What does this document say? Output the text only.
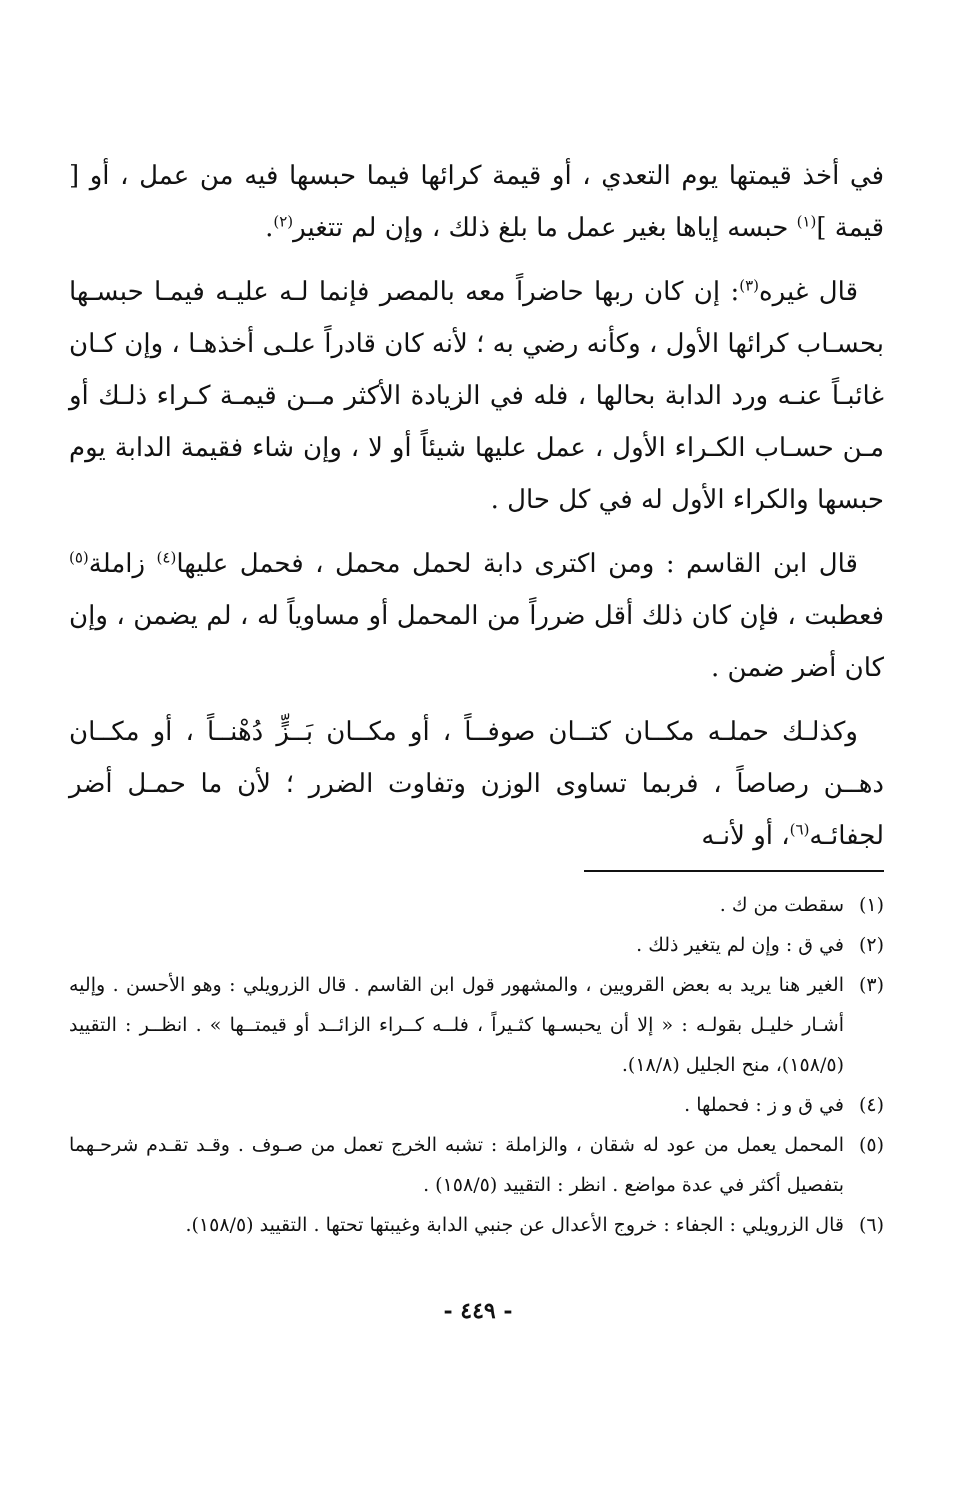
في أخذ قيمتها يوم التعدي ، أو قيمة كرائها فيما حبسها فيه من عمل ، أو [ قيمة ]$^{(١)}$ حبسه إياها بغير عمل ما بلغ ذلك ، وإن لم تتغير$^{(٢)}$.

قال غيره$^{(٣)}$: إن كان ربها حاضراً معه بالمصر فإنما لـه عليـه فيمـا حبسـها بحسـاب كرائها الأول ، وكأنه رضي به ؛ لأنه كان قادراً علـى أخذهـا ، وإن كـان غائبـاً عنـه ورد الدابة بحالها ، فله في الزيادة الأكثر مــن قيمـة كـراء ذلـك أو مـن حسـاب الكـراء الأول ، عمل عليها شيئاً أو لا ، وإن شاء فقيمة الدابة يوم حبسها والكراء الأول له في كل حال .

قال ابن القاسم : ومن اكترى دابة لحمل محمل ، فحمل عليها$^{(٤)}$ زاملة$^{(٥)}$ فعطبت ، فإن كان ذلك أقل ضرراً من المحمل أو مساوياً له ، لم يضمن ، وإن كان أضر ضمن .

وكذلـك حملـه مكــان كتــان صوفــاً ، أو مكــان بَــزٍّ دُهْنــاً ، أو مكــان دهــن رصاصاً ، فربما تساوى الوزن وتفاوت الضرر ؛ لأن ما حمـل أضر لجفائـه$^{(٦)}$، أو لأنـه

(١)
سقطت من ك .
(٢)
في ق : وإن لم يتغير ذلك .
(٣)
الغير هنا يريد به بعض القرويين ، والمشهور قول ابن القاسم . قال الزرويلي : وهو الأحسن . وإليه أشـار خليـل بقولـه : « إلا أن يحبسـها كثـيراً ، فلــه كــراء الزائــد أو قيمتــها » . انظــر : التقييد (١٥٨/٥)، منح الجليل (١٨/٨).
(٤)
في ق و ز : فحملها .
(٥)
المحمل يعمل من عود له شقان ، والزاملة : تشبه الخرج تعمل من صـوف . وقـد تقـدم شرحـهما بتفصيل أكثر في عدة مواضع . انظر : التقييد (١٥٨/٥) .
(٦)
قال الزرويلي : الجفاء : خروج الأعدال عن جنبي الدابة وغيبتها تحتها . التقييد (١٥٨/٥).
- ٤٤٩ -
